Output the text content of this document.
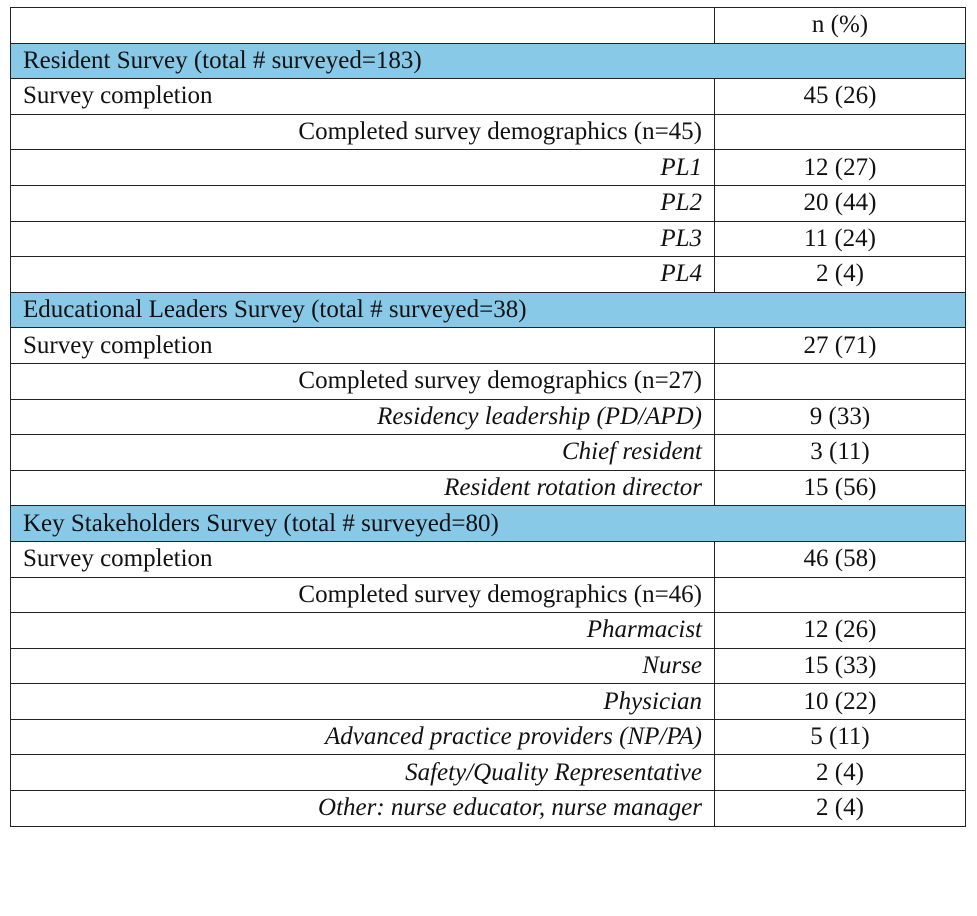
	n (%)
Resident Survey (total # surveyed=183)	
Survey completion	45 (26)
Completed survey demographics (n=45)	
PL1	12 (27)
PL2	20 (44)
PL3	11 (24)
PL4	2 (4)
Educational Leaders Survey (total # surveyed=38)	
Survey completion	27 (71)
Completed survey demographics (n=27)	
Residency leadership (PD/APD)	9 (33)
Chief resident	3 (11)
Resident rotation director	15 (56)
Key Stakeholders Survey (total # surveyed=80)	
Survey completion	46 (58)
Completed survey demographics (n=46)	
Pharmacist	12 (26)
Nurse	15 (33)
Physician	10 (22)
Advanced practice providers (NP/PA)	5 (11)
Safety/Quality Representative	2 (4)
Other: nurse educator, nurse manager	2 (4)
